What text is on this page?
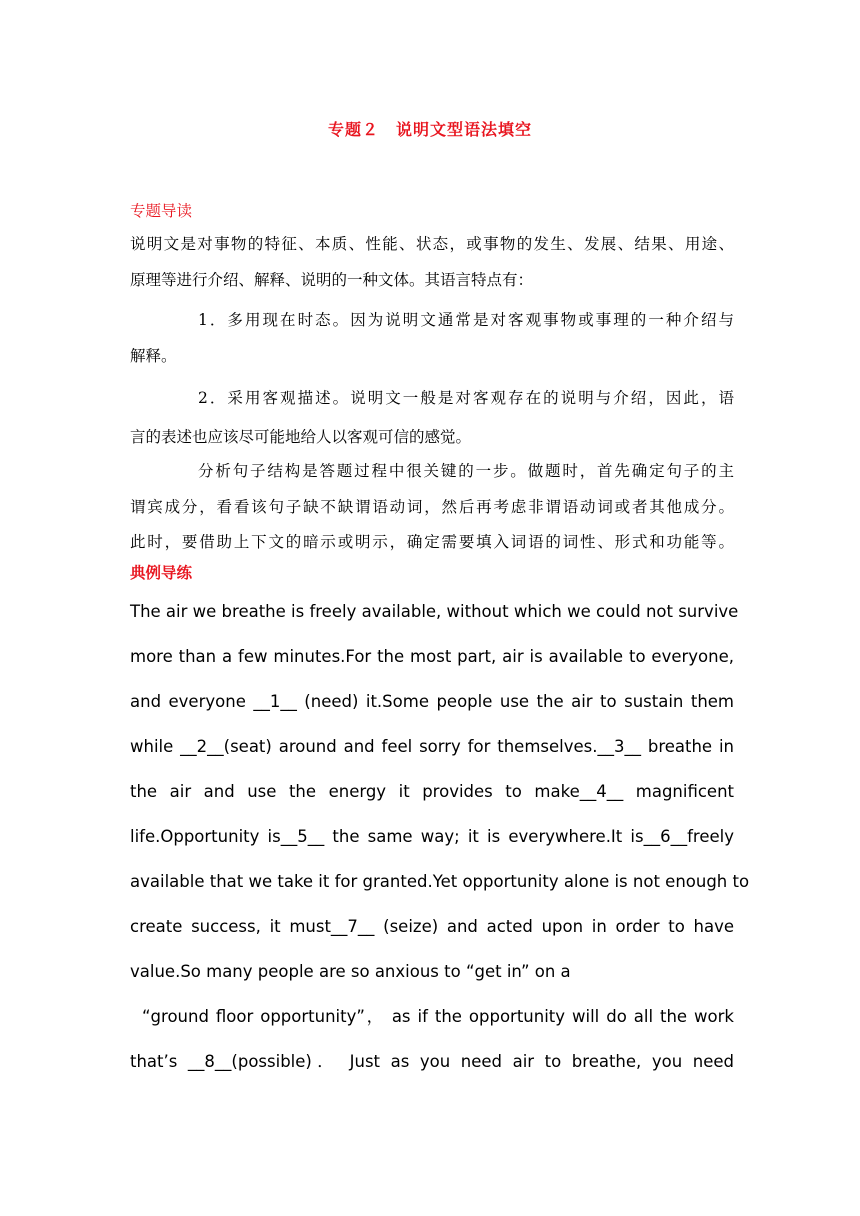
专题２　说明文型语法填空
专题导读
说明文是对事物的特征、本质、性能、状态，或事物的发生、发展、结果、用途、
原理等进行介绍、解释、说明的一种文体。其语言特点有：
1．多用现在时态。因为说明文通常是对客观事物或事理的一种介绍与
解释。
2．采用客观描述。说明文一般是对客观存在的说明与介绍，因此，语
言的表述也应该尽可能地给人以客观可信的感觉。
分析句子结构是答题过程中很关键的一步。做题时，首先确定句子的主
谓宾成分，看看该句子缺不缺谓语动词，然后再考虑非谓语动词或者其他成分。
此时，要借助上下文的暗示或明示，确定需要填入词语的词性、形式和功能等。
典例导练
The air we breathe is freely available, without which we could not survive
more than a few minutes.For the most part, air is available to everyone,
and everyone __1__ (need) it.Some people use the air to sustain them
while __2__(seat) around and feel sorry for themselves.__3__ breathe in
the air and use the energy it provides to make__4__ magnificent
life.Opportunity is__5__ the same way; it is everywhere.It is__6__freely
available that we take it for granted.Yet opportunity alone is not enough to
create success, it must__7__ (seize) and acted upon in order to have
value.So many people are so anxious to “get in” on a
“ground floor opportunity”， as if the opportunity will do all the work
that’s __8__(possible)． Just as you need air to breathe, you need
